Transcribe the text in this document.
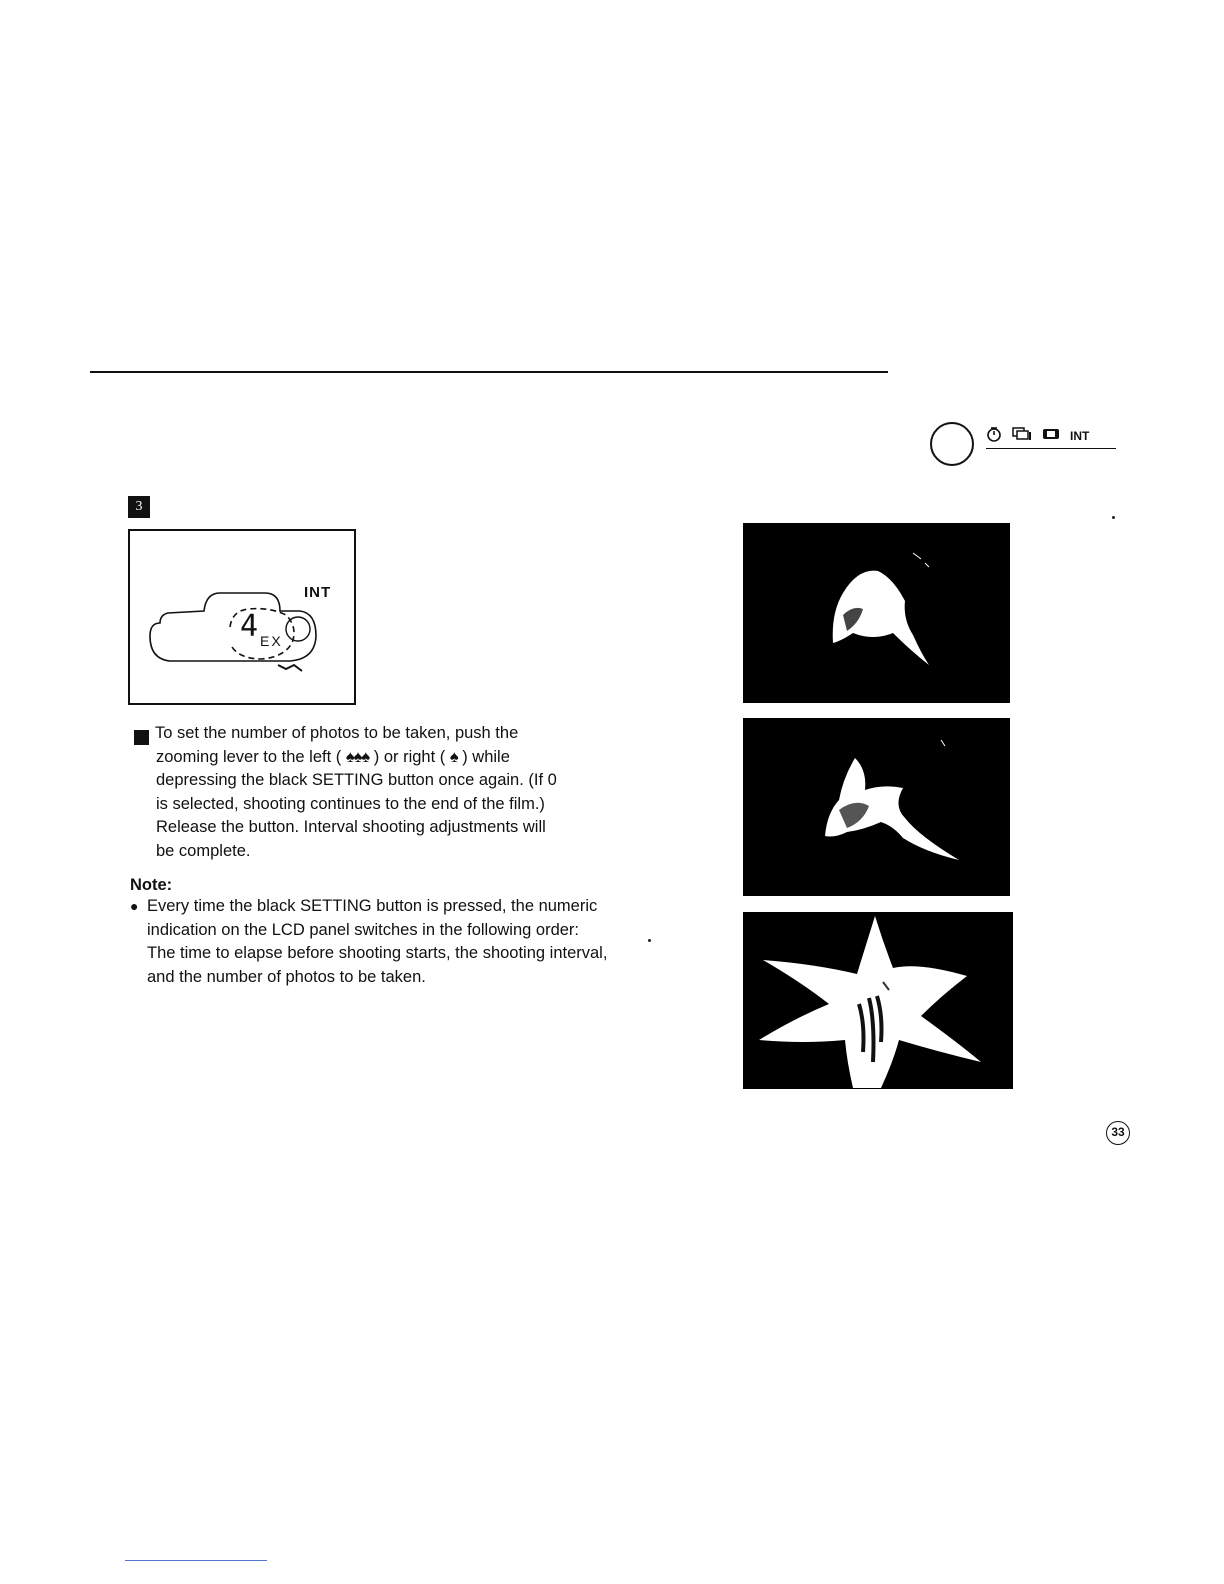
INT
3
4 EX
INT
3 To set the number of photos to be taken, push the
zooming lever to the left ( ♠♠♠ ) or right ( ♠ ) while
depressing the black SETTING button once again. (If 0
is selected, shooting continues to the end of the film.)
Release the button. Interval shooting adjustments will
be complete.
Note:
● Every time the black SETTING button is pressed, the numeric indication on the LCD panel switches in the following order: The time to elapse before shooting starts, the shooting interval, and the number of photos to be taken.
33
